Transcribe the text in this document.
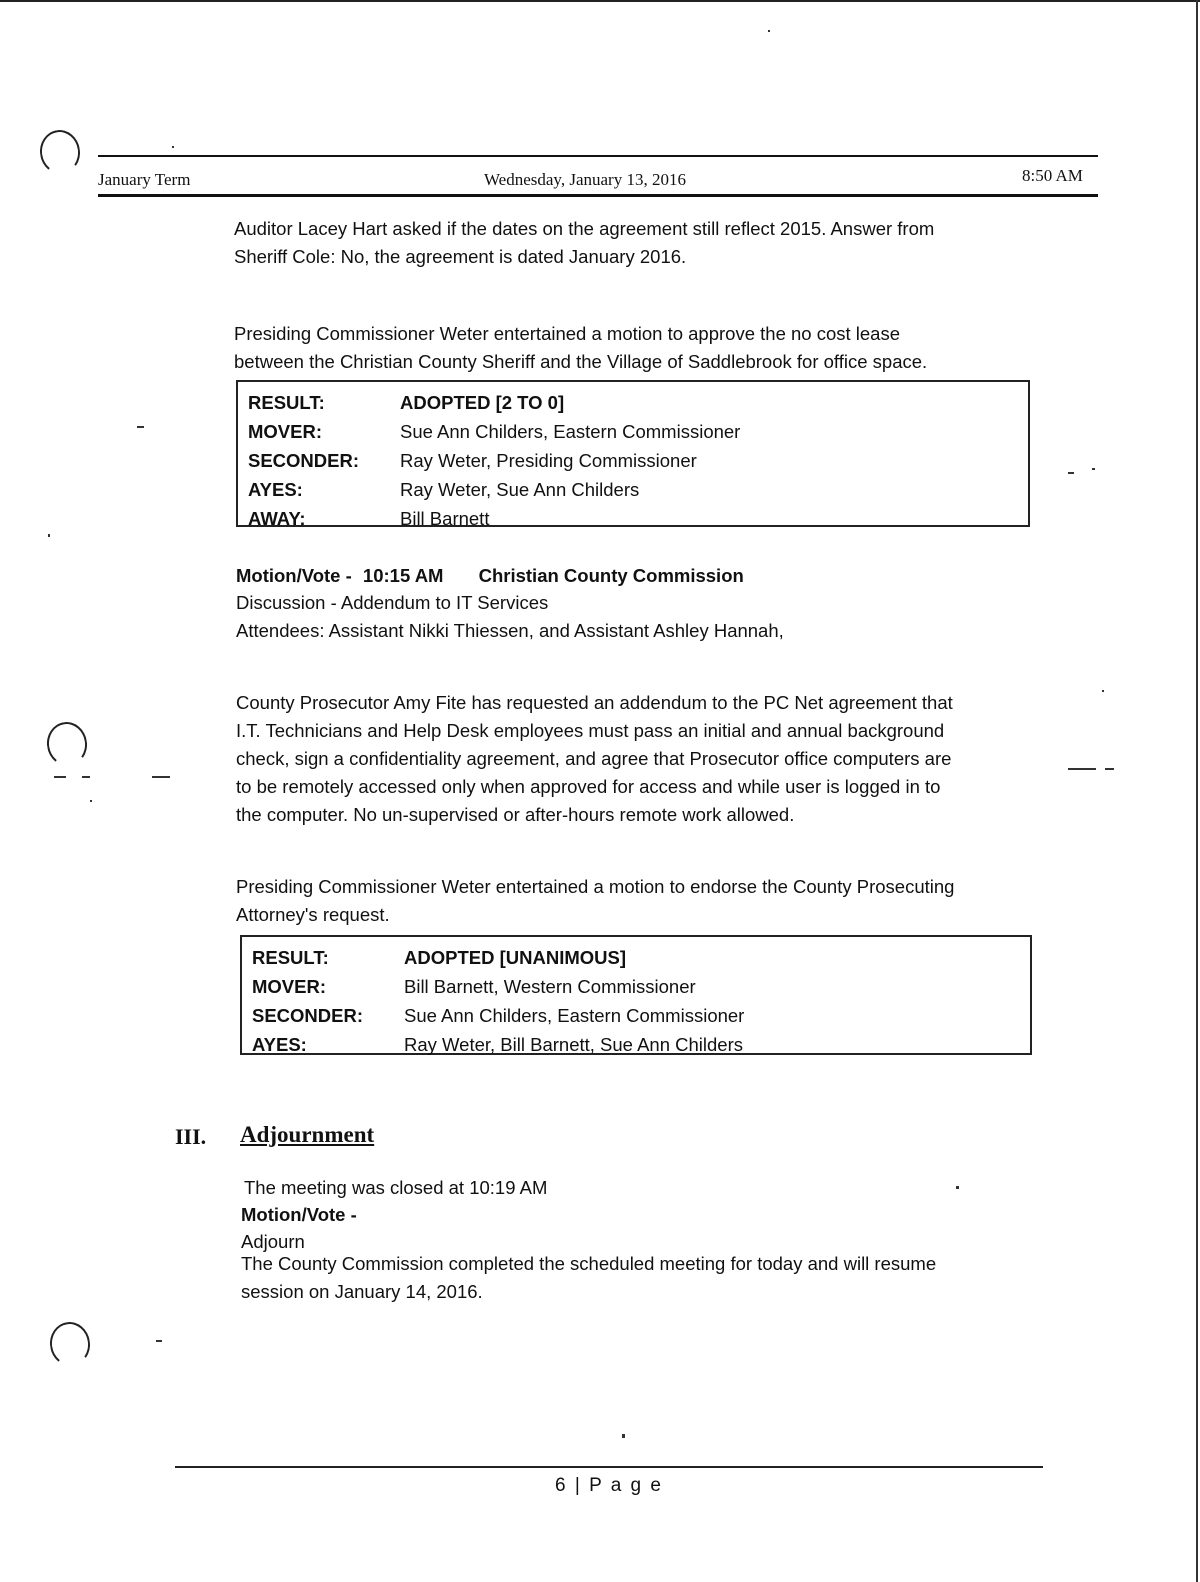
January Term	Wednesday, January 13, 2016	8:50 AM
Auditor Lacey Hart asked if the dates on the agreement still reflect 2015. Answer from
Sheriff Cole: No, the agreement is dated January 2016.
Presiding Commissioner Weter entertained a motion to approve the no cost lease
between the Christian County Sheriff and the Village of Saddlebrook for office space.
RESULT:	ADOPTED [2 TO 0]
MOVER:	Sue Ann Childers, Eastern Commissioner
SECONDER:	Ray Weter, Presiding Commissioner
AYES:	Ray Weter, Sue Ann Childers
AWAY:	Bill Barnett
Motion/Vote - 10:15 AM Christian County Commission
Discussion - Addendum to IT Services
Attendees: Assistant Nikki Thiessen, and Assistant Ashley Hannah,
County Prosecutor Amy Fite has requested an addendum to the PC Net agreement that
I.T. Technicians and Help Desk employees must pass an initial and annual background
check, sign a confidentiality agreement, and agree that Prosecutor office computers are
to be remotely accessed only when approved for access and while user is logged in to
the computer. No un-supervised or after-hours remote work allowed.
Presiding Commissioner Weter entertained a motion to endorse the County Prosecuting
Attorney's request.
RESULT:	ADOPTED [UNANIMOUS]
MOVER:	Bill Barnett, Western Commissioner
SECONDER:	Sue Ann Childers, Eastern Commissioner
AYES:	Ray Weter, Bill Barnett, Sue Ann Childers
III. Adjournment
The meeting was closed at 10:19 AM
Motion/Vote -
Adjourn
The County Commission completed the scheduled meeting for today and will resume
session on January 14, 2016.
6 | P a g e
